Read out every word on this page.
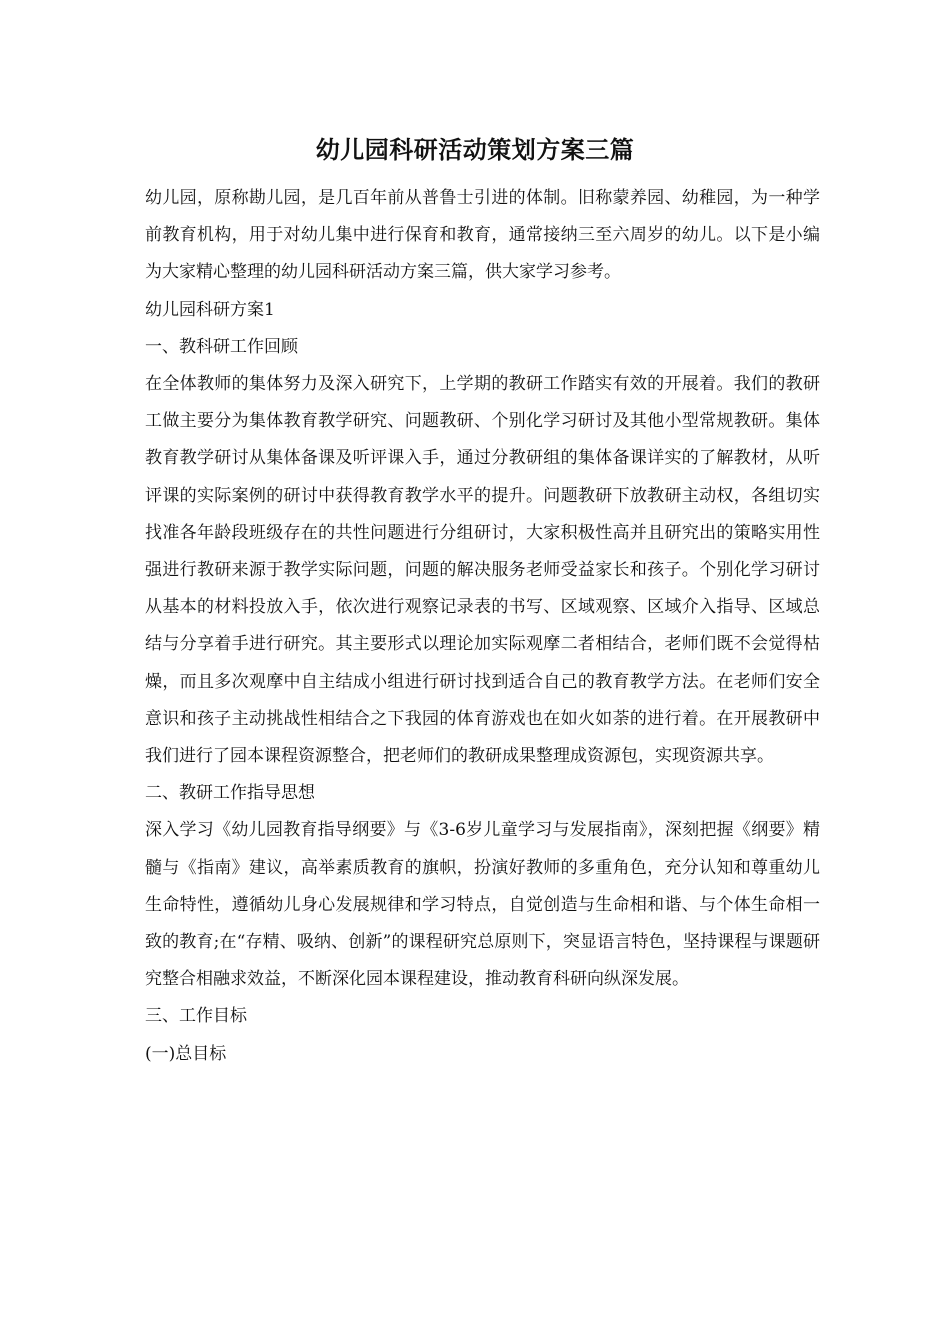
幼儿园科研活动策划方案三篇

幼儿园，原称勘儿园，是几百年前从普鲁士引进的体制。旧称蒙养园、幼稚园，为一种学前教育机构，用于对幼儿集中进行保育和教育，通常接纳三至六周岁的幼儿。以下是小编为大家精心整理的幼儿园科研活动方案三篇，供大家学习参考。

幼儿园科研方案1

一、教科研工作回顾

在全体教师的集体努力及深入研究下，上学期的教研工作踏实有效的开展着。我们的教研工做主要分为集体教育教学研究、问题教研、个别化学习研讨及其他小型常规教研。集体教育教学研讨从集体备课及听评课入手，通过分教研组的集体备课详实的了解教材，从听评课的实际案例的研讨中获得教育教学水平的提升。问题教研下放教研主动权，各组切实找准各年龄段班级存在的共性问题进行分组研讨，大家积极性高并且研究出的策略实用性强进行教研来源于教学实际问题，问题的解决服务老师受益家长和孩子。个别化学习研讨从基本的材料投放入手，依次进行观察记录表的书写、区域观察、区域介入指导、区域总结与分享着手进行研究。其主要形式以理论加实际观摩二者相结合，老师们既不会觉得枯燥，而且多次观摩中自主结成小组进行研讨找到适合自己的教育教学方法。在老师们安全意识和孩子主动挑战性相结合之下我园的体育游戏也在如火如荼的进行着。在开展教研中我们进行了园本课程资源整合，把老师们的教研成果整理成资源包，实现资源共享。

二、教研工作指导思想

深入学习《幼儿园教育指导纲要》与《3-6岁儿童学习与发展指南》，深刻把握《纲要》精髓与《指南》建议，高举素质教育的旗帜，扮演好教师的多重角色，充分认知和尊重幼儿生命特性，遵循幼儿身心发展规律和学习特点，自觉创造与生命相和谐、与个体生命相一致的教育;在“存精、吸纳、创新”的课程研究总原则下，突显语言特色，坚持课程与课题研究整合相融求效益，不断深化园本课程建设，推动教育科研向纵深发展。

三、工作目标

(一)总目标
